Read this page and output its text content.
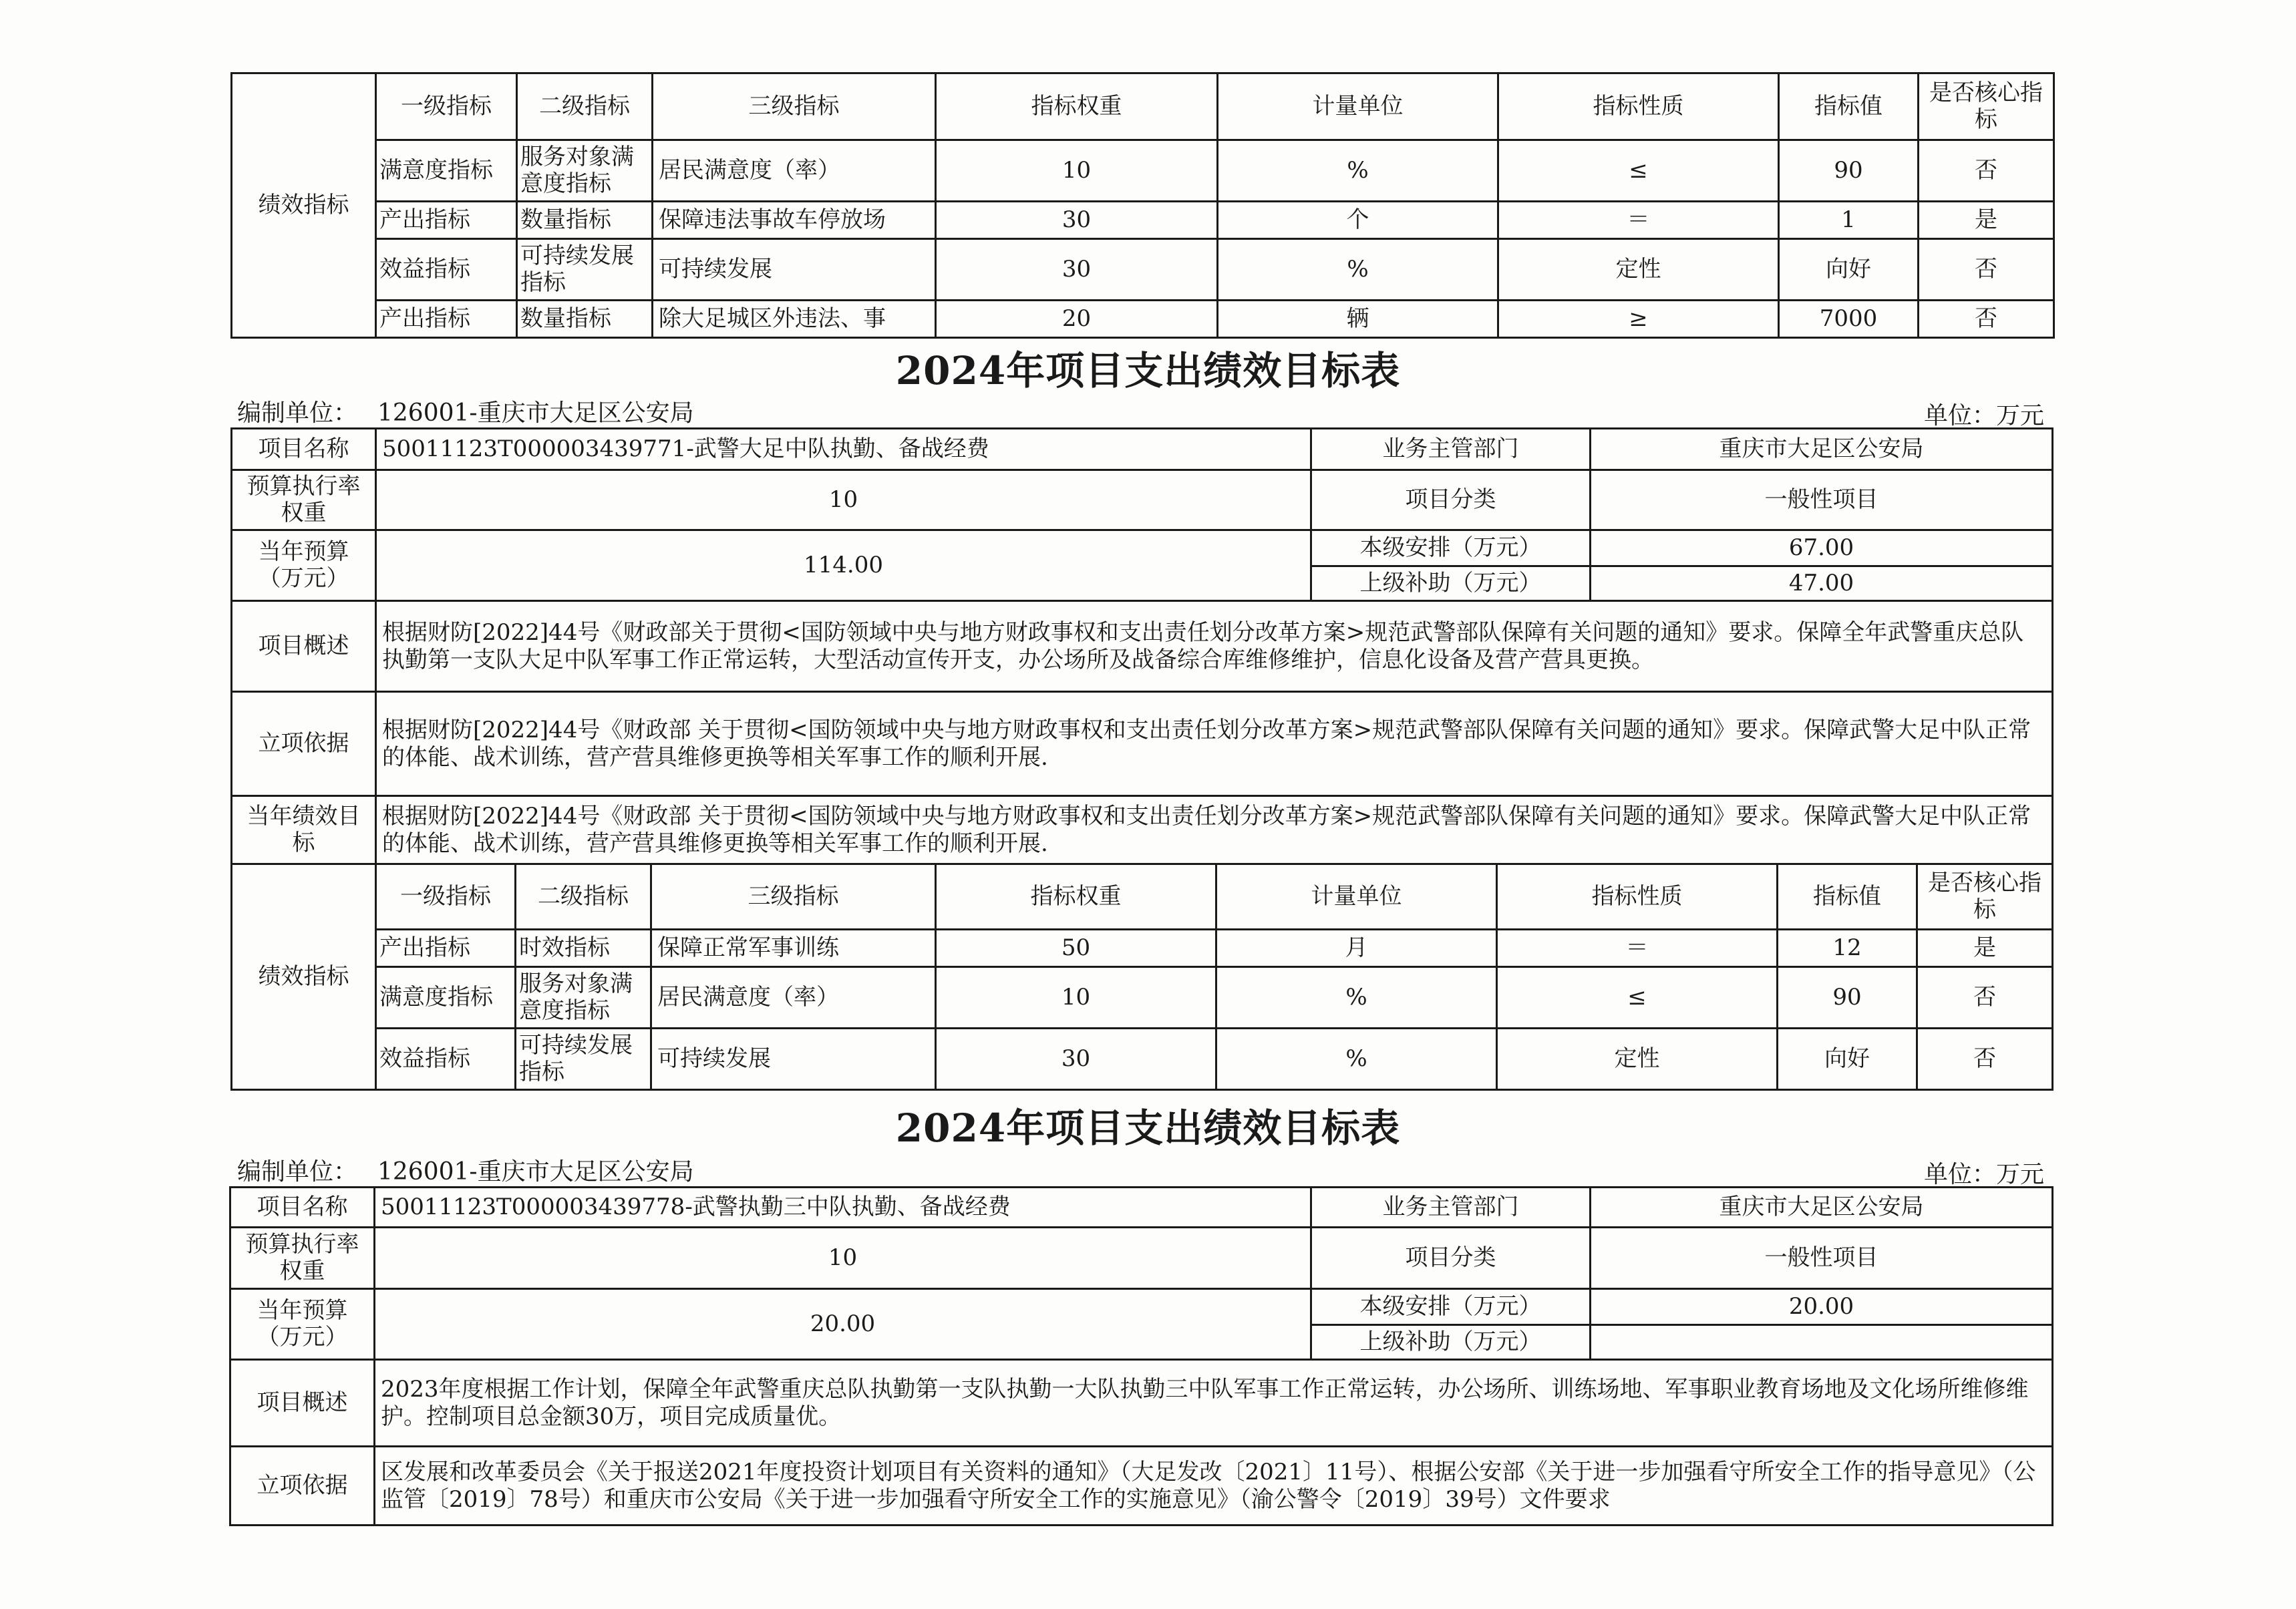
绩效指标	一级指标	二级指标	三级指标	指标权重	计量单位	指标性质	指标值	是否核心指标
	满意度指标	服务对象满意度指标	居民满意度（率）	10	%	≤	90	否
	产出指标	数量指标	保障违法事故车停放场	30	个	＝	1	是
	效益指标	可持续发展指标	可持续发展	30	%	定性	向好	否
	产出指标	数量指标	除大足城区外违法、事	20	辆	≥	7000	否
2024年项目支出绩效目标表
编制单位： 126001-重庆市大足区公安局	单位：万元
项目名称	50011123T000003439771-武警大足中队执勤、备战经费	业务主管部门	重庆市大足区公安局
预算执行率权重	10	项目分类	一般性项目
当年预算（万元）	114.00	本级安排（万元）	67.00
		上级补助（万元）	47.00
项目概述	根据财防[2022]44号《财政部关于贯彻<国防领域中央与地方财政事权和支出责任划分改革方案>规范武警部队保障有关问题的通知》要求。保障全年武警重庆总队执勤第一支队大足中队军事工作正常运转，大型活动宣传开支，办公场所及战备综合库维修维护，信息化设备及营产营具更换。		
立项依据	根据财防[2022]44号《财政部 关于贯彻<国防领域中央与地方财政事权和支出责任划分改革方案>规范武警部队保障有关问题的通知》要求。保障武警大足中队正常的体能、战术训练，营产营具维修更换等相关军事工作的顺利开展.		
当年绩效目标	根据财防[2022]44号《财政部 关于贯彻<国防领域中央与地方财政事权和支出责任划分改革方案>规范武警部队保障有关问题的通知》要求。保障武警大足中队正常的体能、战术训练，营产营具维修更换等相关军事工作的顺利开展.		
绩效指标	一级指标	二级指标	三级指标	指标权重	计量单位	指标性质	指标值	是否核心指标
	产出指标	时效指标	保障正常军事训练	50	月	＝	12	是
	满意度指标	服务对象满意度指标	居民满意度（率）	10	%	≤	90	否
	效益指标	可持续发展指标	可持续发展	30	%	定性	向好	否
2024年项目支出绩效目标表
编制单位： 126001-重庆市大足区公安局	单位：万元
项目名称	50011123T000003439778-武警执勤三中队执勤、备战经费	业务主管部门	重庆市大足区公安局
预算执行率权重	10	项目分类	一般性项目
当年预算（万元）	20.00	本级安排（万元）	20.00
		上级补助（万元）	
项目概述	2023年度根据工作计划，保障全年武警重庆总队执勤第一支队执勤一大队执勤三中队军事工作正常运转，办公场所、训练场地、军事职业教育场地及文化场所维修维护。控制项目总金额30万，项目完成质量优。		
立项依据	区发展和改革委员会《关于报送2021年度投资计划项目有关资料的通知》（大足发改〔2021〕11号）、根据公安部《关于进一步加强看守所安全工作的指导意见》（公监管〔2019〕78号）和重庆市公安局《关于进一步加强看守所安全工作的实施意见》（渝公警令〔2019〕39号）文件要求		
